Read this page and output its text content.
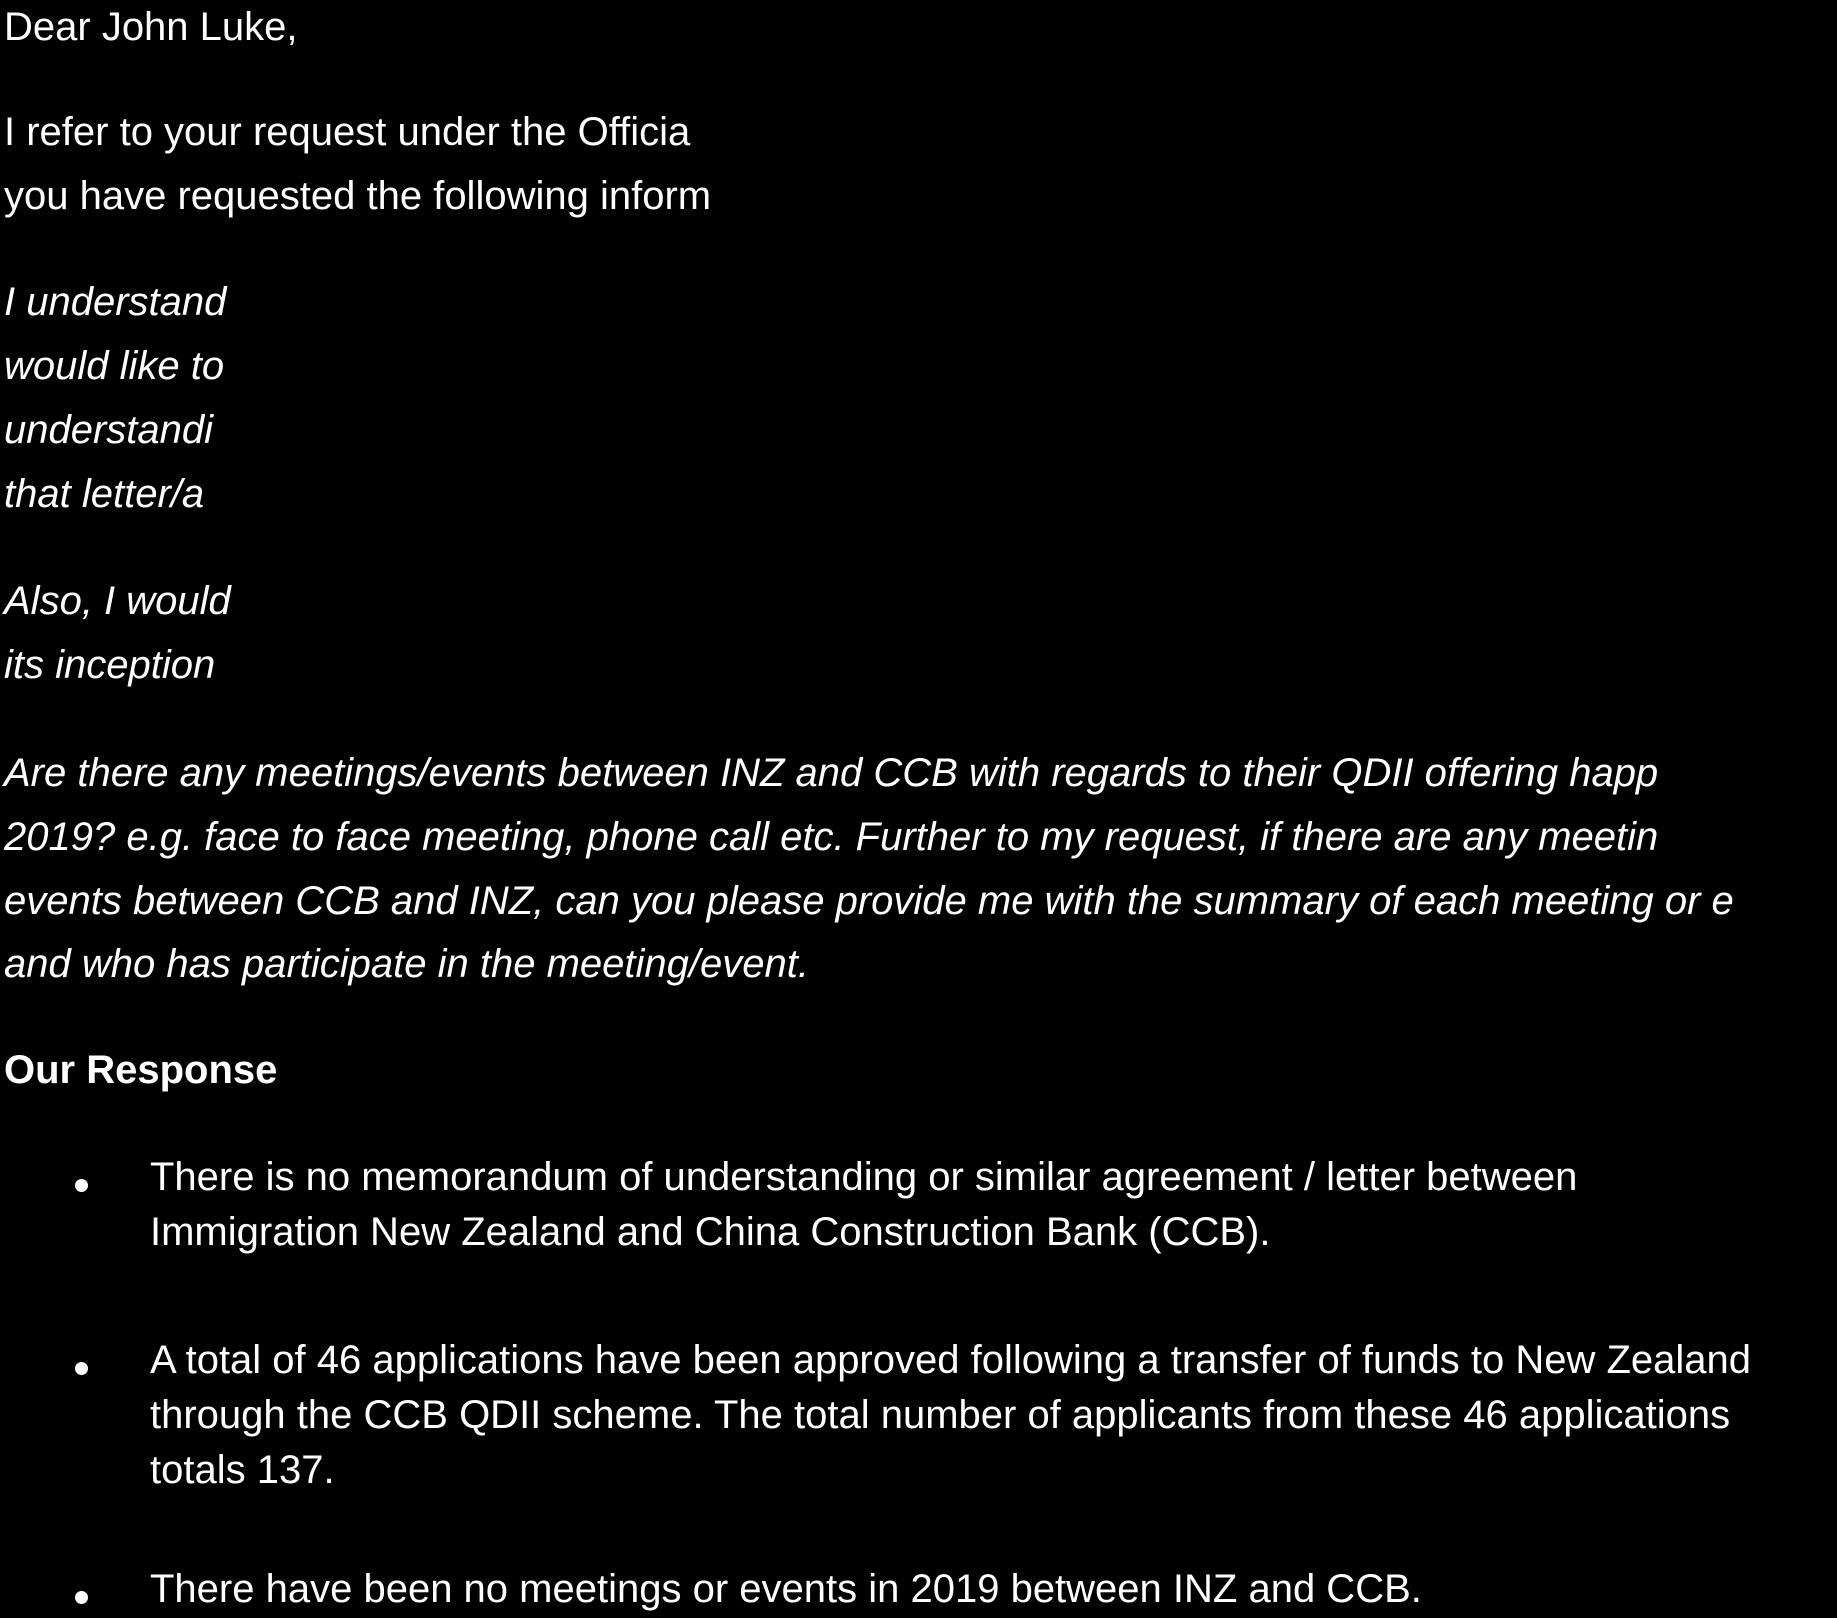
Dear John Luke,

I refer to your request under the Officia

you have requested the following inform

I understand

would like to

understandi

that letter/a

Also, I would

its inception

Are there any meetings/events between INZ and CCB with regards to their QDII offering happ

2019? e.g. face to face meeting, phone call etc. Further to my request, if there are any meetin

events between CCB and INZ, can you please provide me with the summary of each meeting or e

and who has participate in the meeting/event.

Our Response

There is no memorandum of understanding or similar agreement / letter between
Immigration New Zealand and China Construction Bank (CCB).
A total of 46 applications have been approved following a transfer of funds to New Zealand
through the CCB QDII scheme. The total number of applicants from these 46 applications
totals 137.
There have been no meetings or events in 2019 between INZ and CCB.
